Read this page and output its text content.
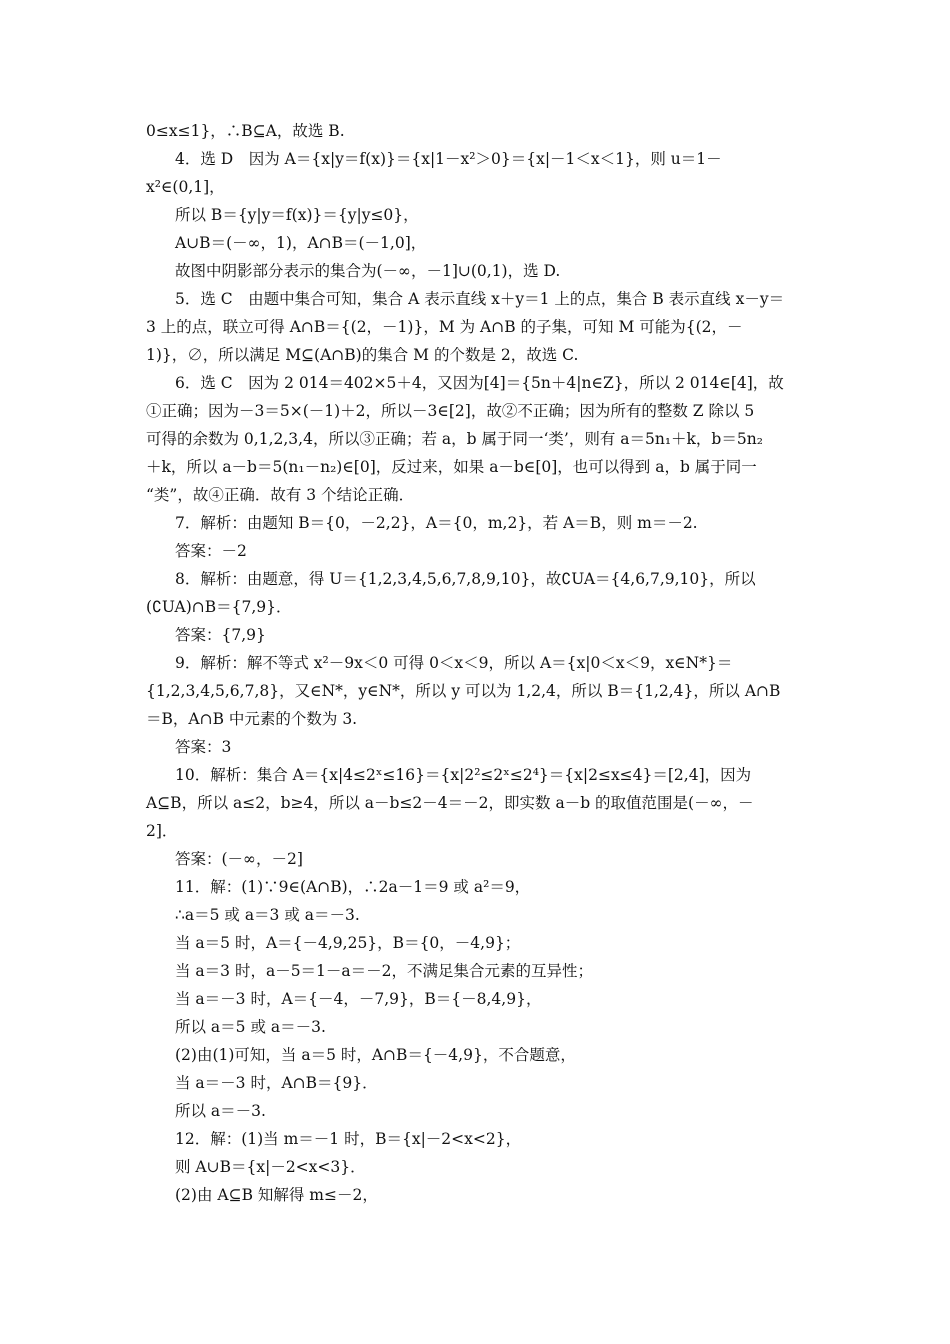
0≤x≤1}，∴B⊆A，故选 B.
4．选 D　因为 A＝{x|y＝f(x)}＝{x|1－x²＞0}＝{x|－1＜x＜1}，则 u＝1－
x²∈(0,1]，
所以 B＝{y|y＝f(x)}＝{y|y≤0}，
A∪B＝(－∞，1)，A∩B＝(－1,0]，
故图中阴影部分表示的集合为(－∞，－1]∪(0,1)，选 D.
5．选 C　由题中集合可知，集合 A 表示直线 x＋y＝1 上的点，集合 B 表示直线 x－y＝
3 上的点，联立可得 A∩B＝{(2，－1)}，M 为 A∩B 的子集，可知 M 可能为{(2，－
1)}，∅，所以满足 M⊆(A∩B)的集合 M 的个数是 2，故选 C.
6．选 C　因为 2 014＝402×5＋4，又因为[4]＝{5n＋4|n∈Z}，所以 2 014∈[4]，故
①正确；因为－3＝5×(－1)＋2，所以－3∈[2]，故②不正确；因为所有的整数 Z 除以 5
可得的余数为 0,1,2,3,4，所以③正确；若 a，b 属于同一‘类’，则有 a＝5n₁＋k，b＝5n₂
＋k，所以 a－b＝5(n₁－n₂)∈[0]，反过来，如果 a－b∈[0]，也可以得到 a，b 属于同一
“类”，故④正确．故有 3 个结论正确．
7．解析：由题知 B＝{0，－2,2}，A＝{0，m,2}，若 A＝B，则 m＝－2.
答案：－2
8．解析：由题意，得 U＝{1,2,3,4,5,6,7,8,9,10}，故∁UA＝{4,6,7,9,10}，所以
(∁UA)∩B＝{7,9}．
答案：{7,9}
9．解析：解不等式 x²－9x＜0 可得 0＜x＜9，所以 A＝{x|0＜x＜9，x∈N*}＝
{1,2,3,4,5,6,7,8}，又∈N*，y∈N*，所以 y 可以为 1,2,4，所以 B＝{1,2,4}，所以 A∩B
＝B，A∩B 中元素的个数为 3.
答案：3
10．解析：集合 A＝{x|4≤2ˣ≤16}＝{x|2²≤2ˣ≤2⁴}＝{x|2≤x≤4}＝[2,4]，因为
A⊆B，所以 a≤2，b≥4，所以 a－b≤2－4＝－2，即实数 a－b 的取值范围是(－∞，－
2]．
答案：(－∞，－2]
11．解：(1)∵9∈(A∩B)，∴2a－1＝9 或 a²＝9，
∴a＝5 或 a＝3 或 a＝－3.
当 a＝5 时，A＝{－4,9,25}，B＝{0，－4,9}；
当 a＝3 时，a－5＝1－a＝－2，不满足集合元素的互异性；
当 a＝－3 时，A＝{－4，－7,9}，B＝{－8,4,9}，
所以 a＝5 或 a＝－3.
(2)由(1)可知，当 a＝5 时，A∩B＝{－4,9}，不合题意，
当 a＝－3 时，A∩B＝{9}．
所以 a＝－3.
12．解：(1)当 m＝－1 时，B＝{x|－2<x<2}，
则 A∪B＝{x|－2<x<3}．
(2)由 A⊆B 知解得 m≤－2，
